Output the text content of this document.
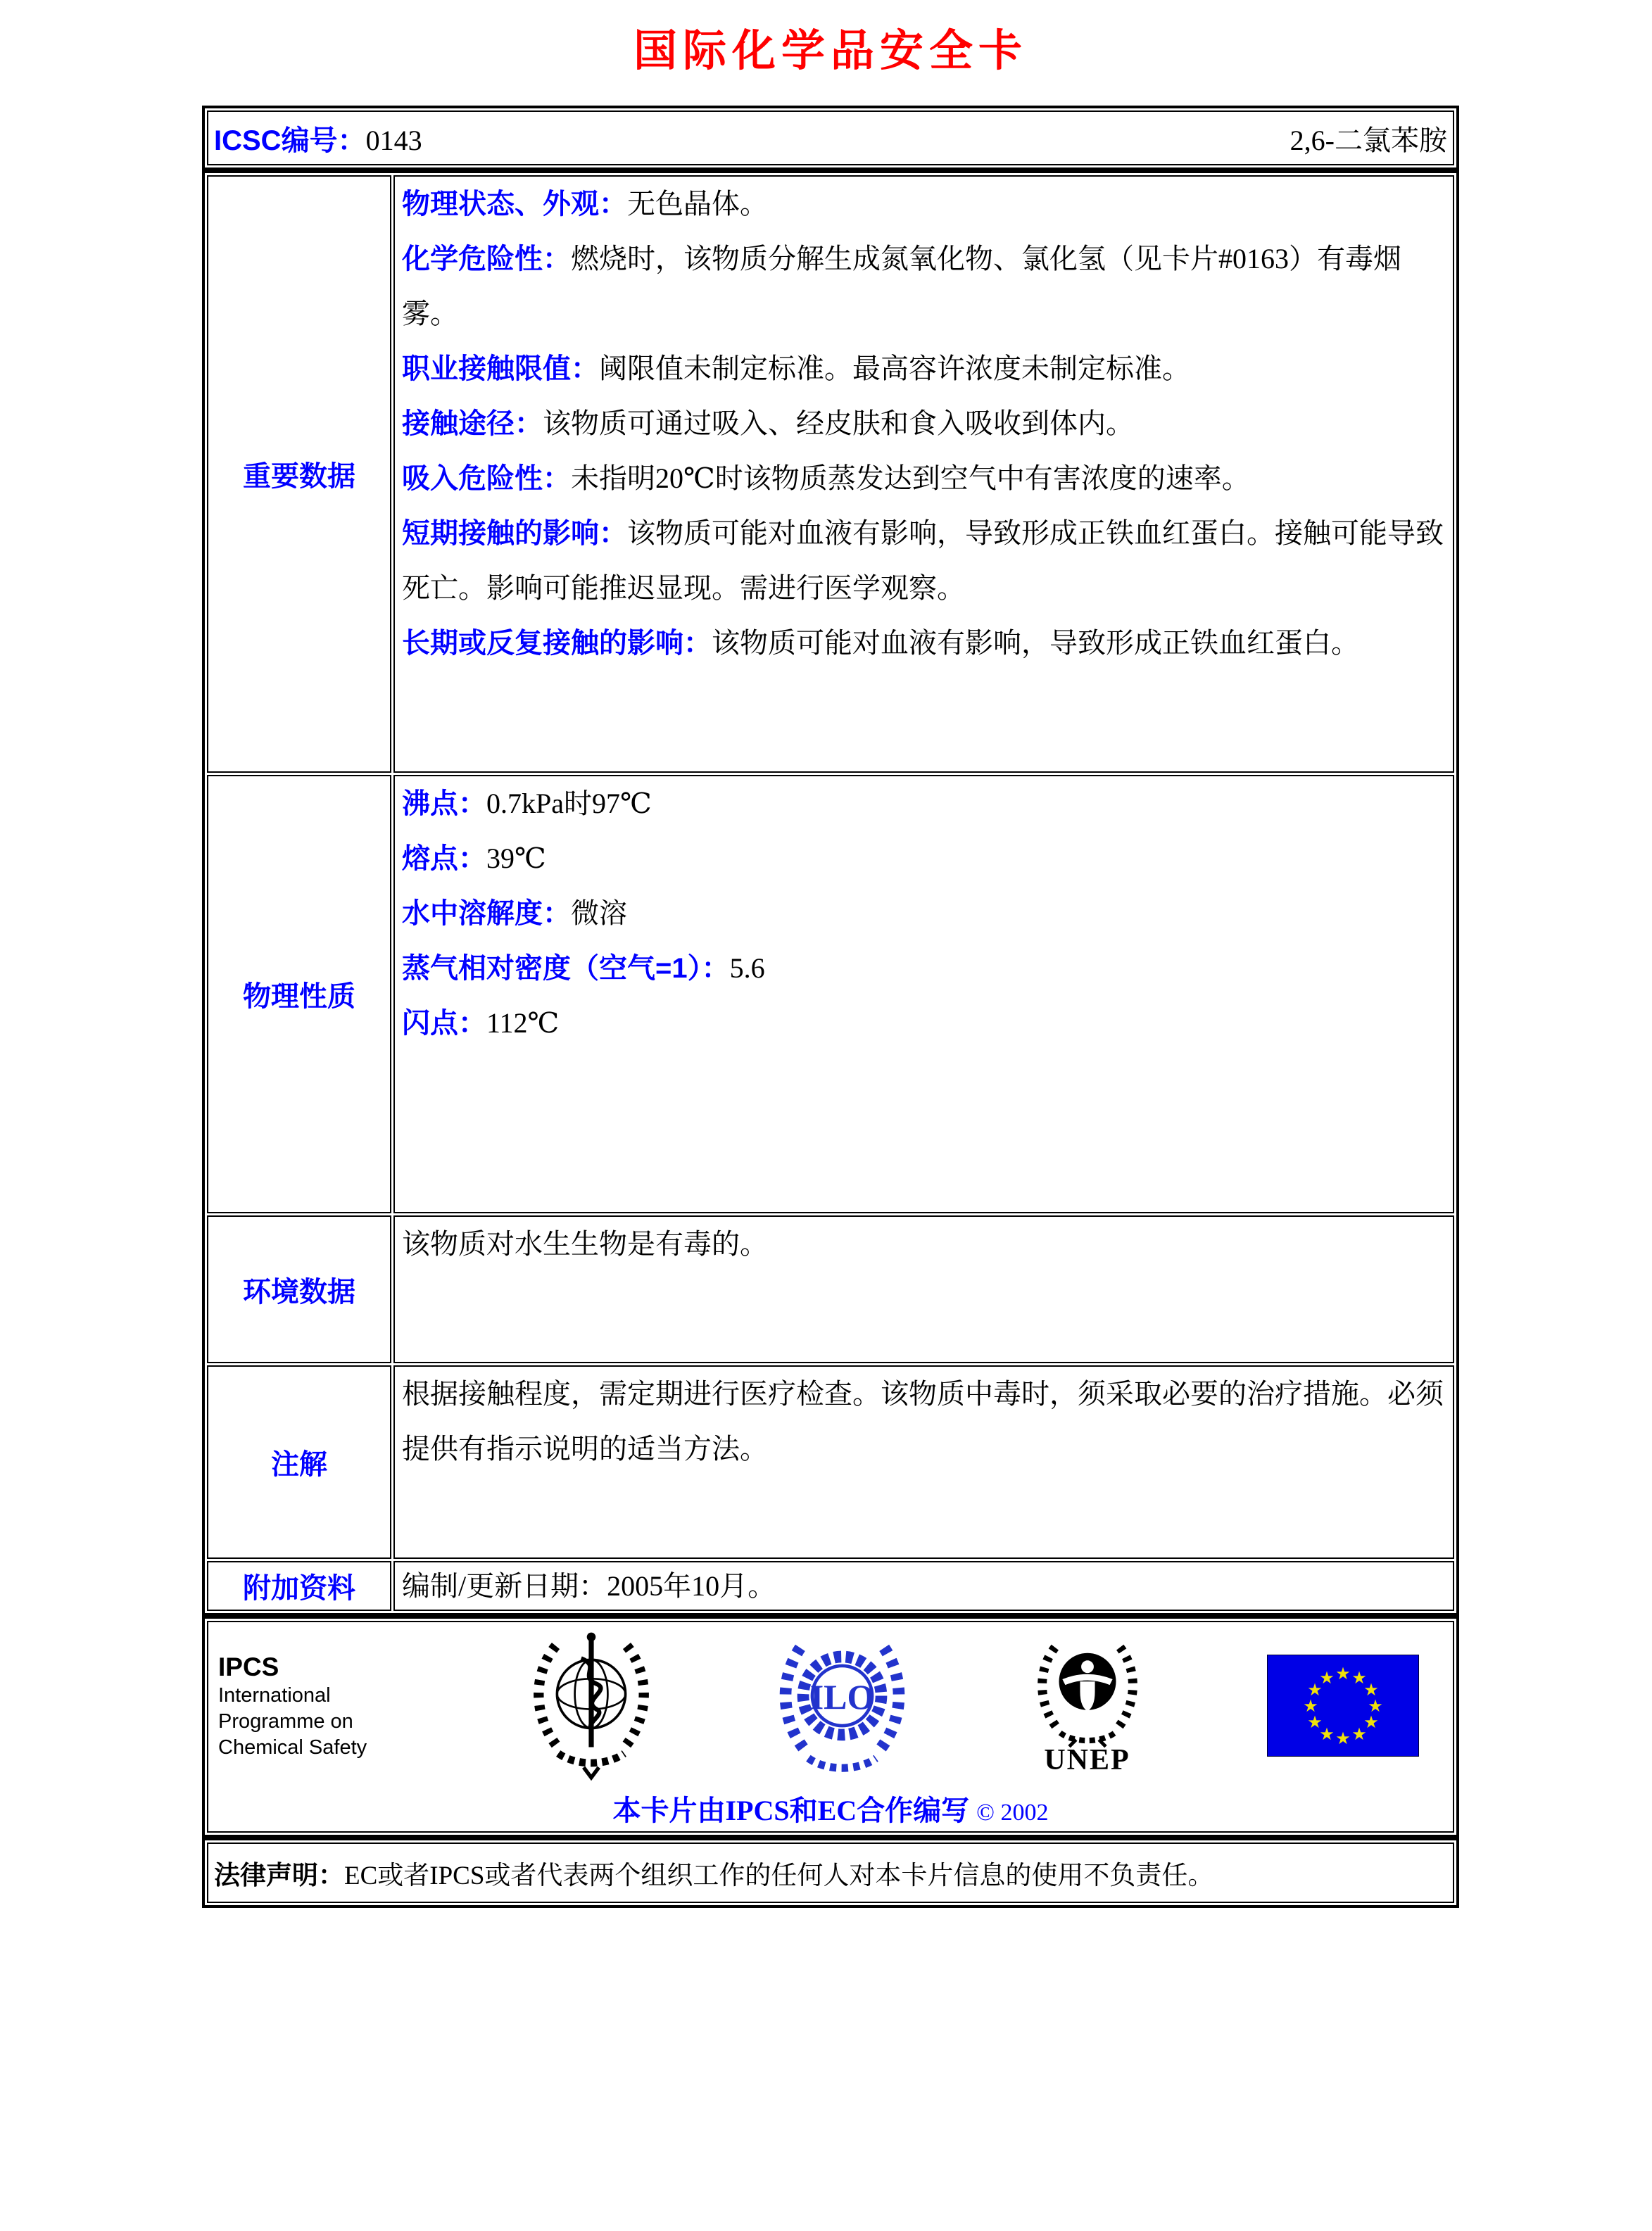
国际化学品安全卡
ICSC编号：0143	2,6-二氯苯胺
重要数据	
物理状态、外观：无色晶体。
化学危险性：燃烧时，该物质分解生成氮氧化物、氯化氢（见卡片#0163）有毒烟雾。
职业接触限值：阈限值未制定标准。最高容许浓度未制定标准。
接触途径：该物质可通过吸入、经皮肤和食入吸收到体内。
吸入危险性：未指明20℃时该物质蒸发达到空气中有害浓度的速率。
短期接触的影响：该物质可能对血液有影响，导致形成正铁血红蛋白。接触可能导致死亡。影响可能推迟显现。需进行医学观察。
长期或反复接触的影响：该物质可能对血液有影响，导致形成正铁血红蛋白。

物理性质	沸点：0.7kPa时97℃
熔点：39℃
水中溶解度：微溶
蒸气相对密度（空气=1）：5.6
闪点：112℃

环境数据	该物质对水生生物是有毒的。
注解	根据接触程度，需定期进行医疗检查。该物质中毒时，须采取必要的治疗措施。必须提供有指示说明的适当方法。
附加资料	编制/更新日期：2005年10月。
IPCS
International
Programme on
Chemical Safety
ILO
UNEP
★ ★
★
★
★
★
★
★
★
★
★
★
本卡片由IPCS和EC合作编写 © 2002
法律声明：EC或者IPCS或者代表两个组织工作的任何人对本卡片信息的使用不负责任。
